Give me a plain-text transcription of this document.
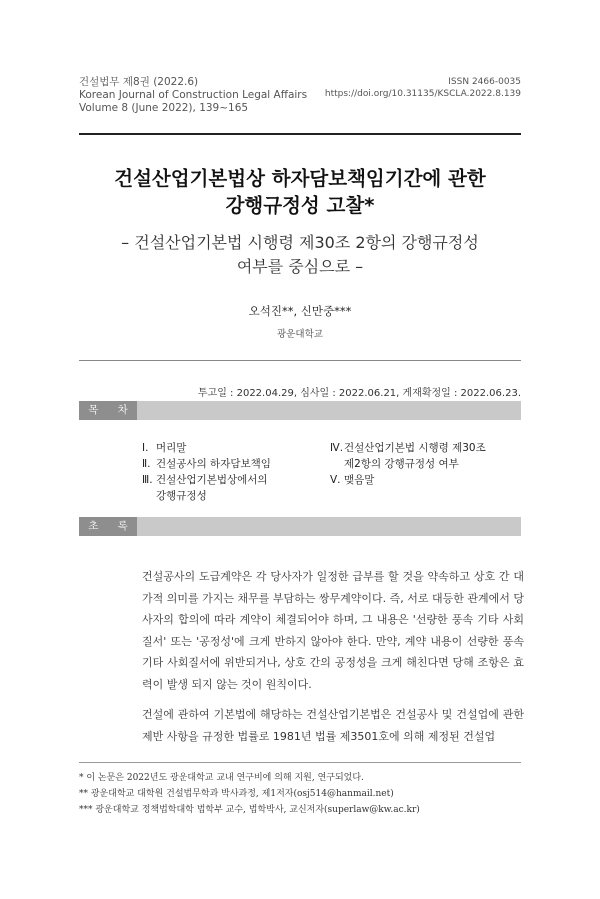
건설법무 제8권 (2022.6)
Korean Journal of Construction Legal Affairs
Volume 8 (June 2022), 139~165
ISSN 2466-0035
https://doi.org/10.31135/KSCLA.2022.8.139
건설산업기본법상 하자담보책임기간에 관한
강행규정성 고찰*
– 건설산업기본법 시행령 제30조 2항의 강행규정성
여부를 중심으로 –
오석진**, 신만중***
광운대학교
투고일 : 2022.04.29, 심사일 : 2022.06.21, 게재확정일 : 2022.06.23.
목 차
Ⅰ. 머리말
Ⅱ. 건설공사의 하자담보책임
Ⅲ. 건설산업기본법상에서의
강행규정성
Ⅳ. 건설산업기본법 시행령 제30조
제2항의 강행규정성 여부
Ⅴ. 맺음말
초 록
건설공사의 도급계약은 각 당사자가 일정한 급부를 할 것을 약속하고 상호 간 대가적 의미를 가지는 채무를 부담하는 쌍무계약이다. 즉, 서로 대등한 관계에서 당사자의 합의에 따라 계약이 체결되어야 하며, 그 내용은 '선량한 풍속 기타 사회질서' 또는 '공정성'에 크게 반하지 않아야 한다. 만약, 계약 내용이 선량한 풍속 기타 사회질서에 위반되거나, 상호 간의 공정성을 크게 해친다면 당해 조항은 효력이 발생 되지 않는 것이 원칙이다.
건설에 관하여 기본법에 해당하는 건설산업기본법은 건설공사 및 건설업에 관한 제반 사항을 규정한 법률로 1981년 법률 제3501호에 의해 제정된 건설업
* 이 논문은 2022년도 광운대학교 교내 연구비에 의해 지원, 연구되었다.
** 광운대학교 대학원 건설법무학과 박사과정, 제1저자(osj514@hanmail.net)
*** 광운대학교 정책법학대학 법학부 교수, 법학박사, 교신저자(superlaw@kw.ac.kr)
